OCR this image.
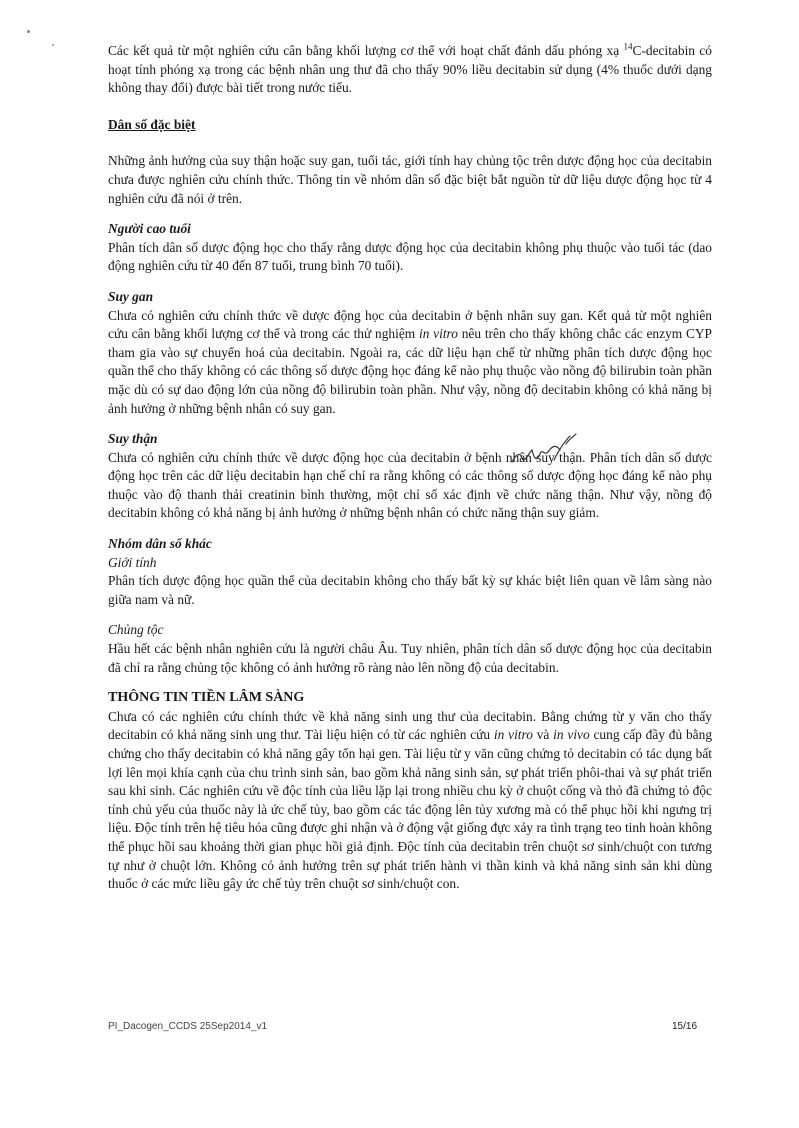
Các kết quả từ một nghiên cứu cân bằng khối lượng cơ thể với hoạt chất đánh dấu phóng xạ $^{14}$C-decitabin có hoạt tính phóng xạ trong các bệnh nhân ung thư đã cho thấy 90% liều decitabin sử dụng (4% thuốc dưới dạng không thay đổi) được bài tiết trong nước tiểu.

Dân số đặc biệt

Những ảnh hưởng của suy thận hoặc suy gan, tuổi tác, giới tính hay chủng tộc trên dược động học của decitabin chưa được nghiên cứu chính thức. Thông tin về nhóm dân số đặc biệt bắt nguồn từ dữ liệu dược động học từ 4 nghiên cứu đã nói ở trên.

Người cao tuổi

Phân tích dân số dược động học cho thấy rằng dược động học của decitabin không phụ thuộc vào tuổi tác (dao động nghiên cứu từ 40 đến 87 tuổi, trung bình 70 tuổi).

Suy gan

Chưa có nghiên cứu chính thức về dược động học của decitabin ở bệnh nhân suy gan. Kết quả từ một nghiên cứu cân bằng khối lượng cơ thể và trong các thử nghiệm in vitro nêu trên cho thấy không chắc các enzym CYP tham gia vào sự chuyển hoá của decitabin. Ngoài ra, các dữ liệu hạn chế từ những phân tích dược động học quần thể cho thấy không có các thông số dược động học đáng kể nào phụ thuộc vào nồng độ bilirubin toàn phần mặc dù có sự dao động lớn của nồng độ bilirubin toàn phần. Như vậy, nồng độ decitabin không có khả năng bị ảnh hưởng ở những bệnh nhân có suy gan.

Suy thận

Chưa có nghiên cứu chính thức về dược động học của decitabin ở bệnh nhân suy thận. Phân tích dân số dược động học trên các dữ liệu decitabin hạn chế chỉ ra rằng không có các thông số dược động học đáng kể nào phụ thuộc vào độ thanh thải creatinin bình thường, một chỉ số xác định về chức năng thận. Như vậy, nồng độ decitabin không có khả năng bị ảnh hưởng ở những bệnh nhân có chức năng thận suy giảm.

Nhóm dân số khác

Giới tính

Phân tích dược động học quần thể của decitabin không cho thấy bất kỳ sự khác biệt liên quan về lâm sàng nào giữa nam và nữ.

Chủng tộc

Hầu hết các bệnh nhân nghiên cứu là người châu Âu. Tuy nhiên, phân tích dân số dược động học của decitabin đã chỉ ra rằng chủng tộc không có ảnh hưởng rõ ràng nào lên nồng độ của decitabin.

THÔNG TIN TIỀN LÂM SÀNG

Chưa có các nghiên cứu chính thức về khả năng sinh ung thư của decitabin. Bằng chứng từ y văn cho thấy decitabin có khả năng sinh ung thư. Tài liệu hiện có từ các nghiên cứu in vitro và in vivo cung cấp đầy đủ bằng chứng cho thấy decitabin có khả năng gây tổn hại gen. Tài liệu từ y văn cũng chứng tỏ decitabin có tác dụng bất lợi lên mọi khía cạnh của chu trình sinh sản, bao gồm khả năng sinh sản, sự phát triển phôi-thai và sự phát triển sau khi sinh. Các nghiên cứu về độc tính của liều lặp lại trong nhiều chu kỳ ở chuột cống và thỏ đã chứng tỏ độc tính chủ yếu của thuốc này là ức chế tủy, bao gồm các tác động lên tủy xương mà có thể phục hồi khi ngưng trị liệu. Độc tính trên hệ tiêu hóa cũng được ghi nhận và ở động vật giống đực xảy ra tình trạng teo tinh hoàn không thể phục hồi sau khoảng thời gian phục hồi giả định. Độc tính của decitabin trên chuột sơ sinh/chuột con tương tự như ở chuột lớn. Không có ảnh hưởng trên sự phát triển hành vi thần kinh và khả năng sinh sản khi dùng thuốc ở các mức liều gây ức chế tủy trên chuột sơ sinh/chuột con.

PI_Dacogen_CCDS 25Sep2014_v1	15/16
